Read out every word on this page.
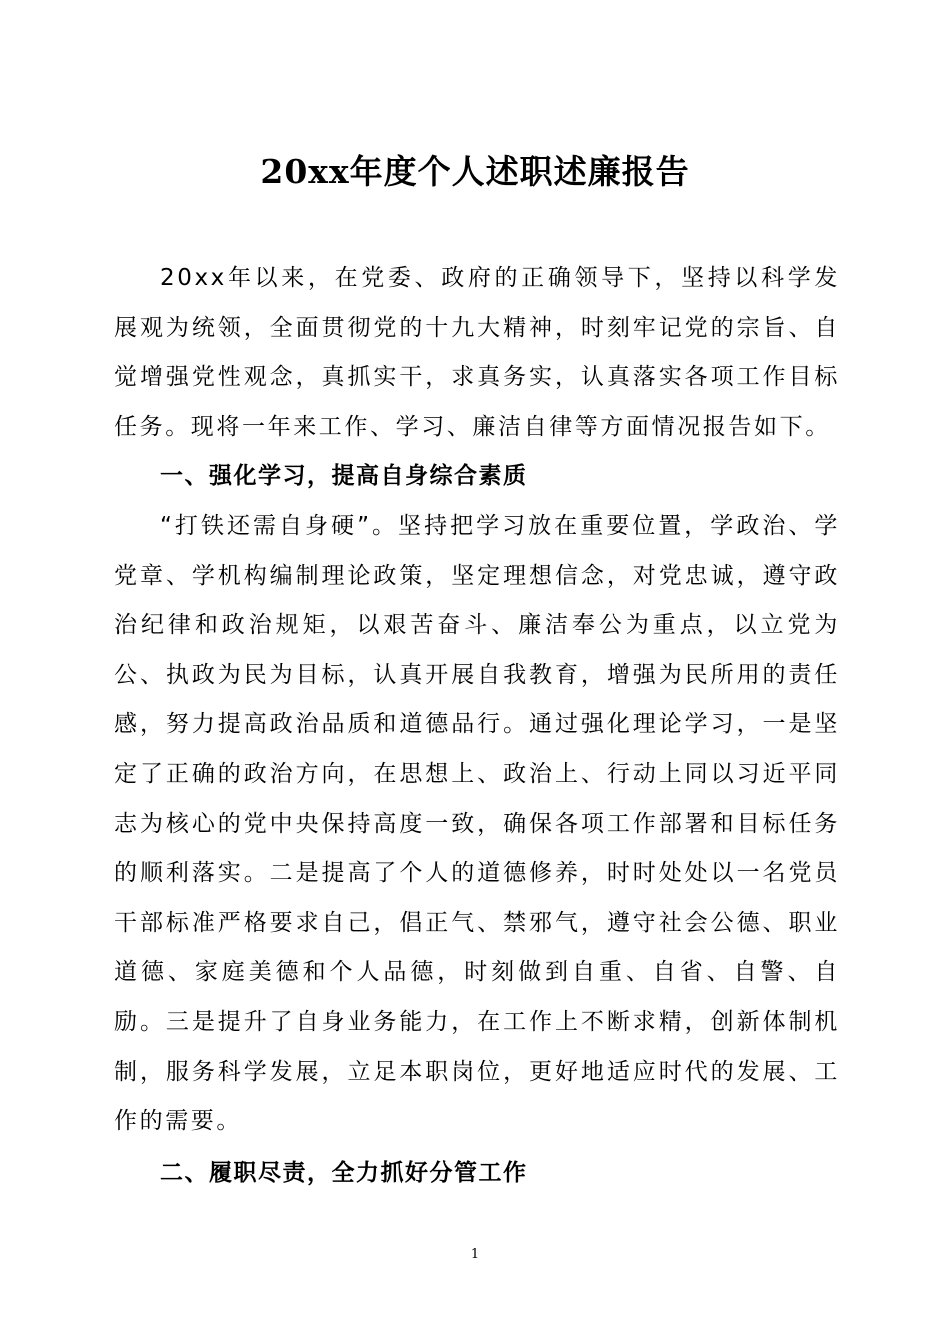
20xx年度个人述职述廉报告

20xx年以来，在党委、政府的正确领导下，坚持以科学发展观为统领，全面贯彻党的十九大精神，时刻牢记党的宗旨、自觉增强党性观念，真抓实干，求真务实，认真落实各项工作目标任务。现将一年来工作、学习、廉洁自律等方面情况报告如下。

一、强化学习，提高自身综合素质

“打铁还需自身硬”。坚持把学习放在重要位置，学政治、学党章、学机构编制理论政策，坚定理想信念，对党忠诚，遵守政治纪律和政治规矩，以艰苦奋斗、廉洁奉公为重点，以立党为公、执政为民为目标，认真开展自我教育，增强为民所用的责任感，努力提高政治品质和道德品行。通过强化理论学习，一是坚定了正确的政治方向，在思想上、政治上、行动上同以习近平同志为核心的党中央保持高度一致，确保各项工作部署和目标任务的顺利落实。二是提高了个人的道德修养，时时处处以一名党员干部标准严格要求自己，倡正气、禁邪气，遵守社会公德、职业道德、家庭美德和个人品德，时刻做到自重、自省、自警、自励。三是提升了自身业务能力，在工作上不断求精，创新体制机制，服务科学发展，立足本职岗位，更好地适应时代的发展、工作的需要。

二、履职尽责，全力抓好分管工作

1
